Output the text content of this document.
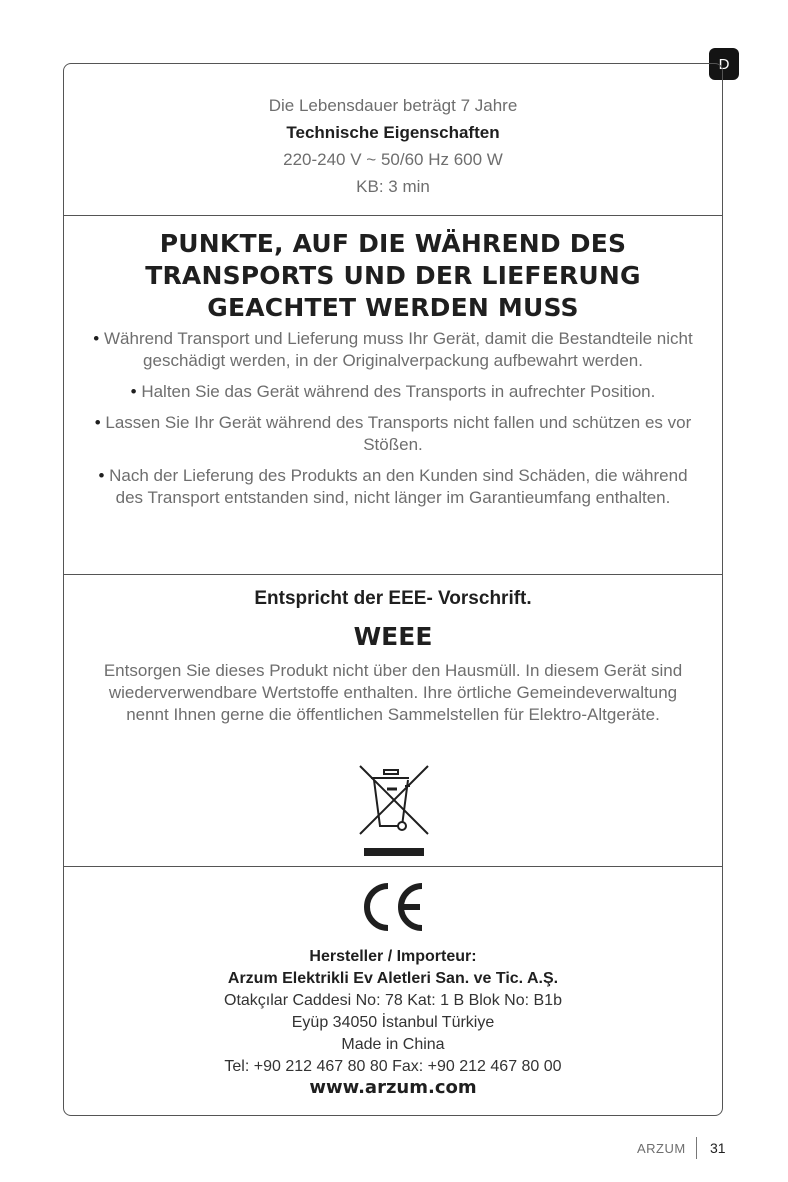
D
Die Lebensdauer beträgt 7 Jahre
Technische Eigenschaften
220-240 V ~ 50/60 Hz 600 W
KB: 3 min
PUNKTE, AUF DIE WÄHREND DES
TRANSPORTS UND DER LIEFERUNG
GEACHTET WERDEN MUSS
• Während Transport und Lieferung muss Ihr Gerät, damit die Bestandteile nicht geschädigt werden, in der Originalverpackung aufbewahrt werden.
• Halten Sie das Gerät während des Transports in aufrechter Position.
• Lassen Sie Ihr Gerät während des Transports nicht fallen und schützen es vor Stößen.
• Nach der Lieferung des Produkts an den Kunden sind Schäden, die während des Transport entstanden sind, nicht länger im Garantieumfang enthalten.
Entspricht der EEE- Vorschrift.
WEEE
Entsorgen Sie dieses Produkt nicht über den Hausmüll. In diesem Gerät sind wiederverwendbare Wertstoffe enthalten. Ihre örtliche Gemeindeverwaltung nennt Ihnen gerne die öffentlichen Sammelstellen für Elektro-Altgeräte.
Hersteller / Importeur:
Arzum Elektrikli Ev Aletleri San. ve Tic. A.Ş.
Otakçılar Caddesi No: 78 Kat: 1 B Blok No: B1b
Eyüp 34050 İstanbul Türkiye
Made in China
Tel: +90 212 467 80 80 Fax: +90 212 467 80 00
www.arzum.com
ARZUM 31
